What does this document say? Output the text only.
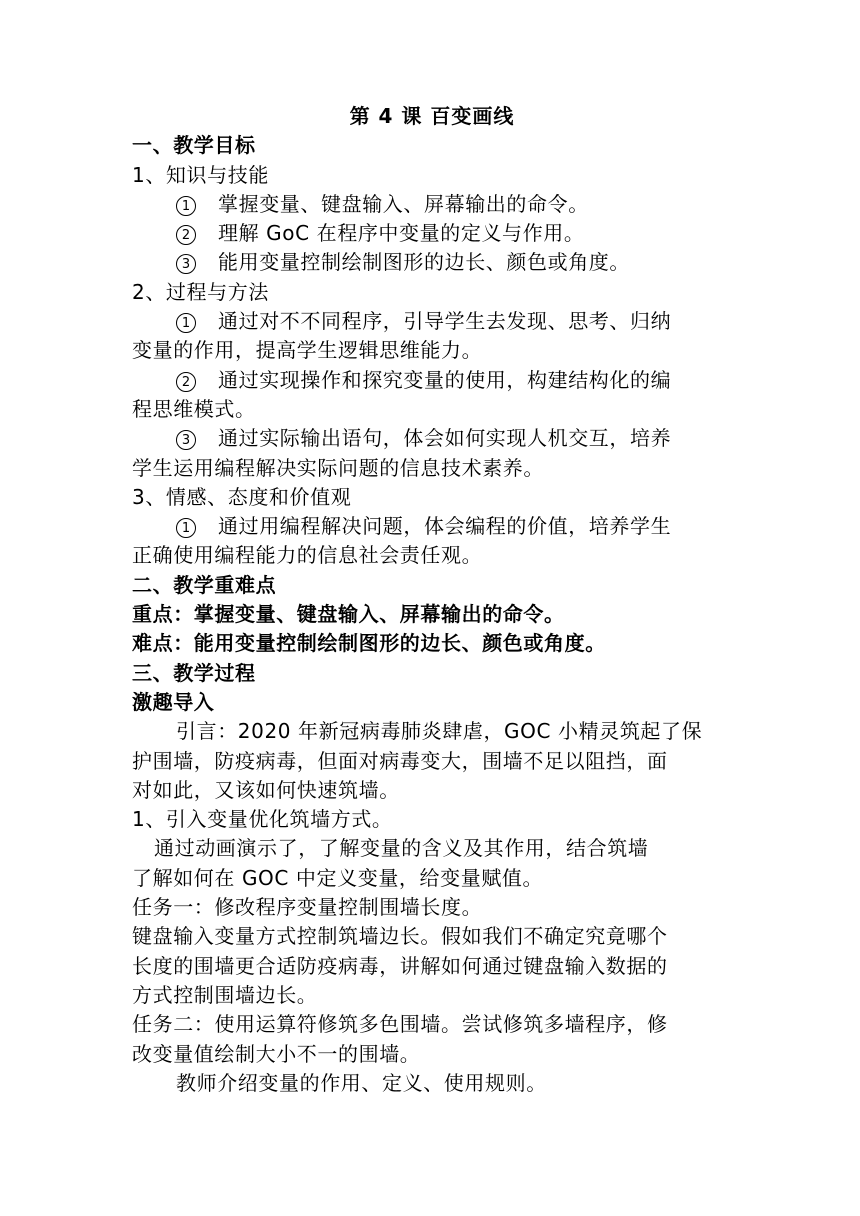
第 4 课 百变画线
一、教学目标
1、知识与技能
1 掌握变量、键盘输入、屏幕输出的命令。
2 理解 GoC 在程序中变量的定义与作用。
3 能用变量控制绘制图形的边长、颜色或角度。
2、过程与方法
1 通过对不不同程序，引导学生去发现、思考、归纳
变量的作用，提高学生逻辑思维能力。
2 通过实现操作和探究变量的使用，构建结构化的编
程思维模式。
3 通过实际输出语句，体会如何实现人机交互，培养
学生运用编程解决实际问题的信息技术素养。
3、情感、态度和价值观
1 通过用编程解决问题，体会编程的价值，培养学生
正确使用编程能力的信息社会责任观。
二、教学重难点
重点：掌握变量、键盘输入、屏幕输出的命令。
难点：能用变量控制绘制图形的边长、颜色或角度。
三、教学过程
激趣导入
引言：2020 年新冠病毒肺炎肆虐，GOC 小精灵筑起了保
护围墙，防疫病毒，但面对病毒变大，围墙不足以阻挡，面
对如此，又该如何快速筑墙。
1、引入变量优化筑墙方式。
通过动画演示了，了解变量的含义及其作用，结合筑墙
了解如何在 GOC 中定义变量，给变量赋值。
任务一：修改程序变量控制围墙长度。
键盘输入变量方式控制筑墙边长。假如我们不确定究竟哪个
长度的围墙更合适防疫病毒，讲解如何通过键盘输入数据的
方式控制围墙边长。
任务二：使用运算符修筑多色围墙。尝试修筑多墙程序，修
改变量值绘制大小不一的围墙。
教师介绍变量的作用、定义、使用规则。
